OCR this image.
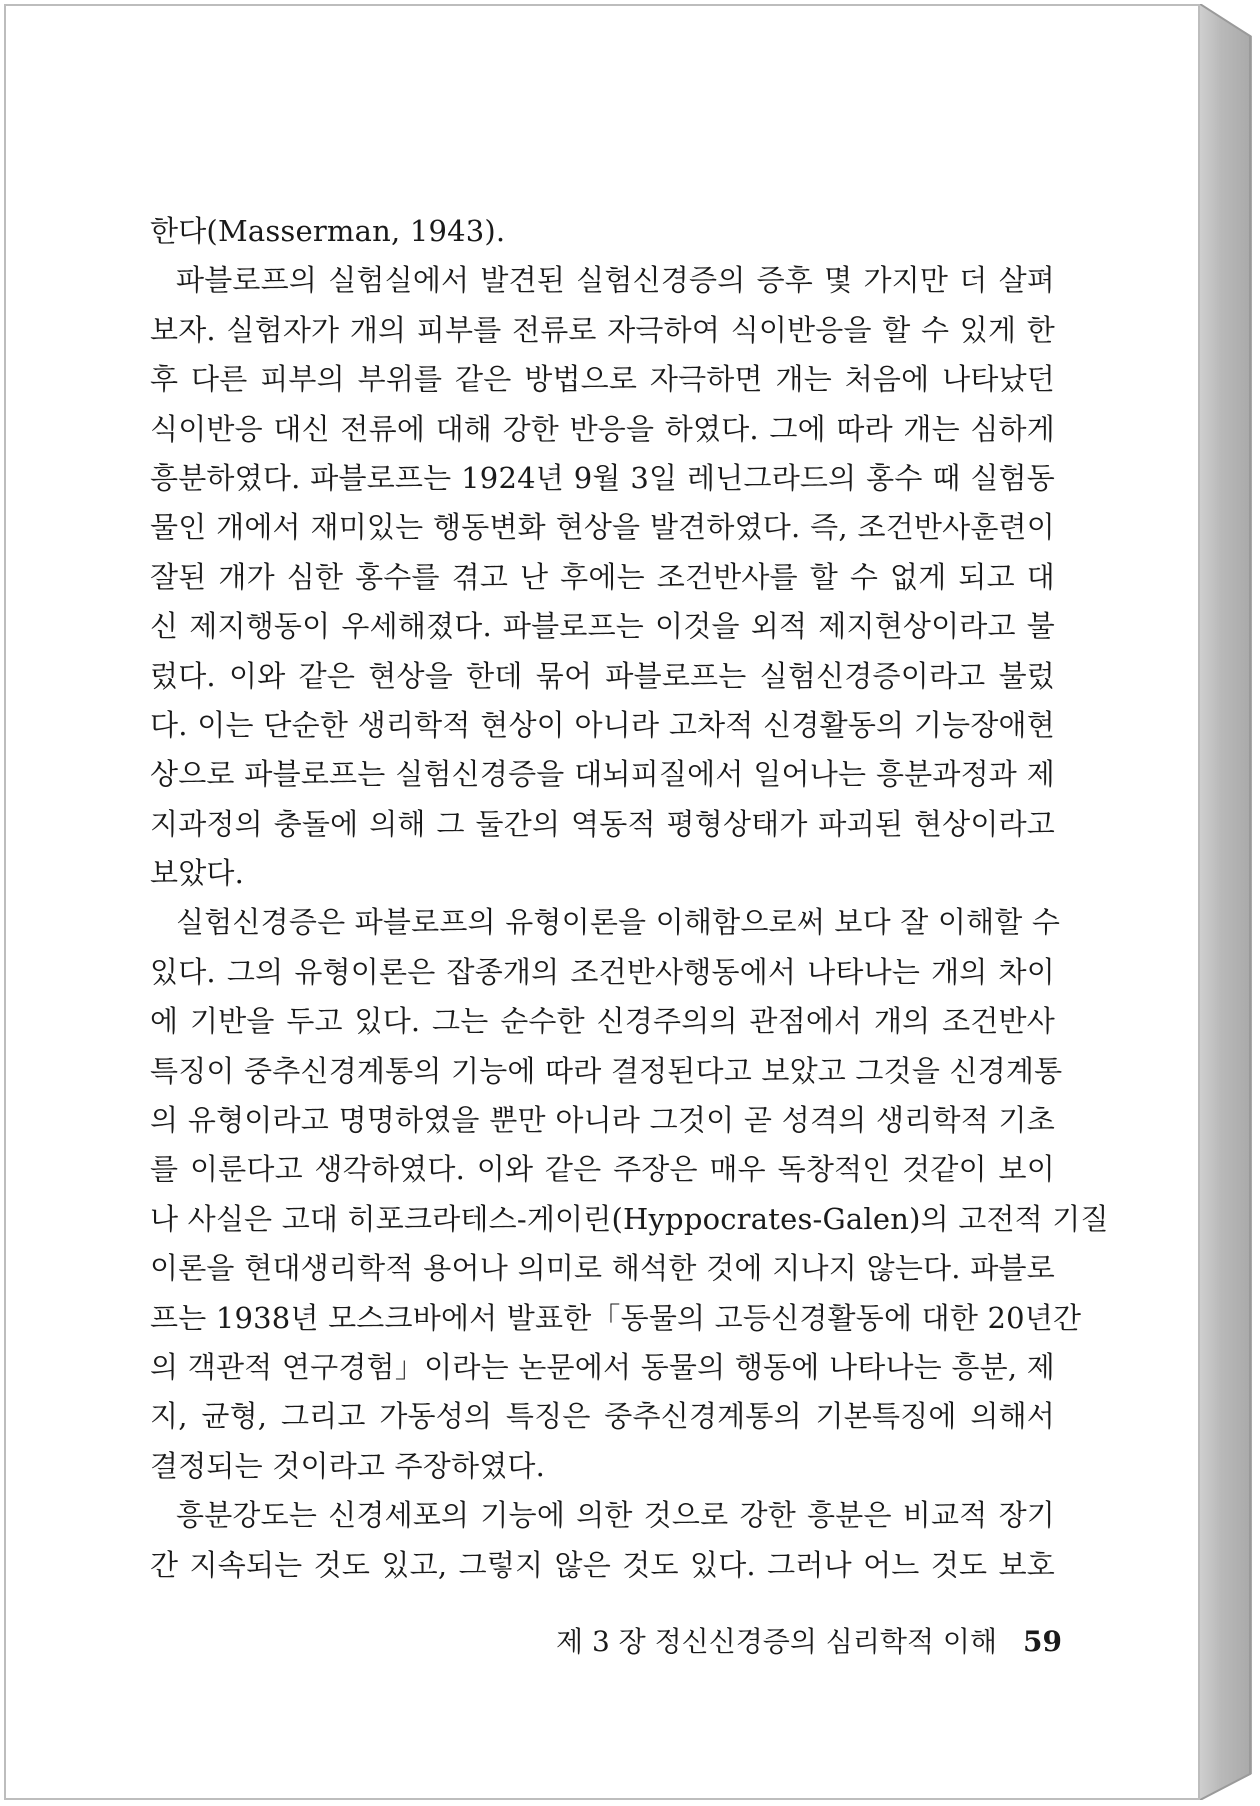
한다(Masserman, 1943).
파블로프의 실험실에서 발견된 실험신경증의 증후 몇 가지만 더 살펴
보자. 실험자가 개의 피부를 전류로 자극하여 식이반응을 할 수 있게 한
후 다른 피부의 부위를 같은 방법으로 자극하면 개는 처음에 나타났던
식이반응 대신 전류에 대해 강한 반응을 하였다. 그에 따라 개는 심하게
흥분하였다. 파블로프는 1924년 9월 3일 레닌그라드의 홍수 때 실험동
물인 개에서 재미있는 행동변화 현상을 발견하였다. 즉, 조건반사훈련이
잘된 개가 심한 홍수를 겪고 난 후에는 조건반사를 할 수 없게 되고 대
신 제지행동이 우세해졌다. 파블로프는 이것을 외적 제지현상이라고 불
렀다. 이와 같은 현상을 한데 묶어 파블로프는 실험신경증이라고 불렀
다. 이는 단순한 생리학적 현상이 아니라 고차적 신경활동의 기능장애현
상으로 파블로프는 실험신경증을 대뇌피질에서 일어나는 흥분과정과 제
지과정의 충돌에 의해 그 둘간의 역동적 평형상태가 파괴된 현상이라고
보았다.
실험신경증은 파블로프의 유형이론을 이해함으로써 보다 잘 이해할 수
있다. 그의 유형이론은 잡종개의 조건반사행동에서 나타나는 개의 차이
에 기반을 두고 있다. 그는 순수한 신경주의의 관점에서 개의 조건반사
특징이 중추신경계통의 기능에 따라 결정된다고 보았고 그것을 신경계통
의 유형이라고 명명하였을 뿐만 아니라 그것이 곧 성격의 생리학적 기초
를 이룬다고 생각하였다. 이와 같은 주장은 매우 독창적인 것같이 보이
나 사실은 고대 히포크라테스-게이린(Hyppocrates-Galen)의 고전적 기질
이론을 현대생리학적 용어나 의미로 해석한 것에 지나지 않는다. 파블로
프는 1938년 모스크바에서 발표한「동물의 고등신경활동에 대한 20년간
의 객관적 연구경험」이라는 논문에서 동물의 행동에 나타나는 흥분, 제
지, 균형, 그리고 가동성의 특징은 중추신경계통의 기본특징에 의해서
결정되는 것이라고 주장하였다.
흥분강도는 신경세포의 기능에 의한 것으로 강한 흥분은 비교적 장기
간 지속되는 것도 있고, 그렇지 않은 것도 있다. 그러나 어느 것도 보호
제 3 장 정신신경증의 심리학적 이해 59
